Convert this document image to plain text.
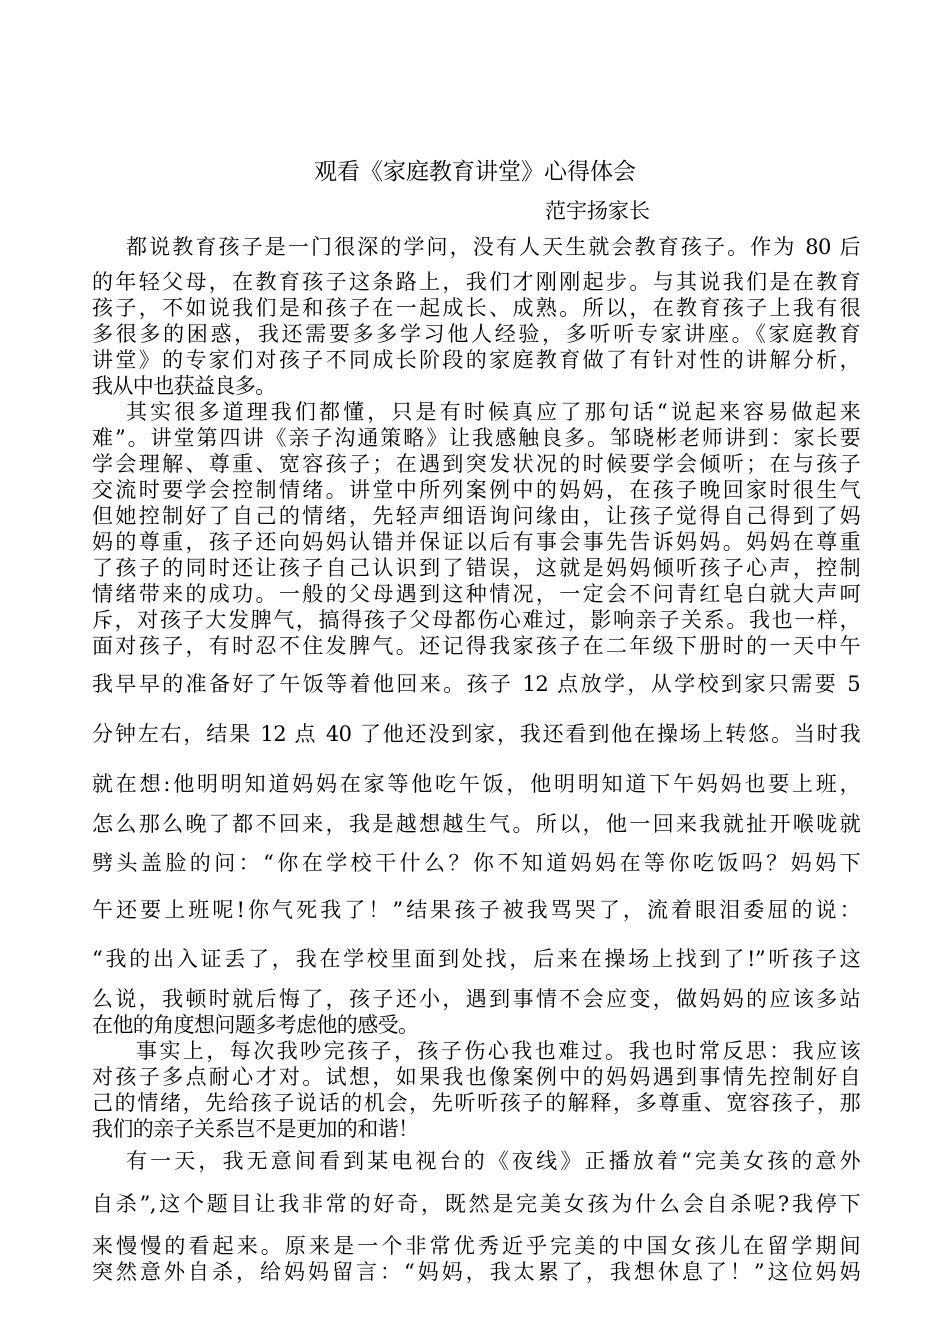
观看《家庭教育讲堂》心得体会
范宇扬家长
都说教育孩子是一门很深的学问，没有人天生就会教育孩子。作为 80 后
的年轻父母，在教育孩子这条路上，我们才刚刚起步。与其说我们是在教育
孩子，不如说我们是和孩子在一起成长、成熟。所以，在教育孩子上我有很
多很多的困惑，我还需要多多学习他人经验，多听听专家讲座。《家庭教育
讲堂》的专家们对孩子不同成长阶段的家庭教育做了有针对性的讲解分析，
我从中也获益良多。
其实很多道理我们都懂，只是有时候真应了那句话“说起来容易做起来
难”。讲堂第四讲《亲子沟通策略》让我感触良多。邹晓彬老师讲到：家长要
学会理解、尊重、宽容孩子；在遇到突发状况的时候要学会倾听；在与孩子
交流时要学会控制情绪。讲堂中所列案例中的妈妈，在孩子晚回家时很生气
但她控制好了自己的情绪，先轻声细语询问缘由，让孩子觉得自己得到了妈
妈的尊重，孩子还向妈妈认错并保证以后有事会事先告诉妈妈。妈妈在尊重
了孩子的同时还让孩子自己认识到了错误，这就是妈妈倾听孩子心声，控制
情绪带来的成功。一般的父母遇到这种情况，一定会不问青红皂白就大声呵
斥，对孩子大发脾气，搞得孩子父母都伤心难过，影响亲子关系。我也一样，
面对孩子，有时忍不住发脾气。还记得我家孩子在二年级下册时的一天中午
我早早的准备好了午饭等着他回来。孩子 12 点放学，从学校到家只需要 5
分钟左右，结果 12 点 40 了他还没到家，我还看到他在操场上转悠。当时我
就在想:他明明知道妈妈在家等他吃午饭，他明明知道下午妈妈也要上班，
怎么那么晚了都不回来，我是越想越生气。所以，他一回来我就扯开喉咙就
劈头盖脸的问：“你在学校干什么？你不知道妈妈在等你吃饭吗？妈妈下
午还要上班呢!你气死我了！”结果孩子被我骂哭了，流着眼泪委屈的说：
“我的出入证丢了，我在学校里面到处找，后来在操场上找到了!”听孩子这
么说，我顿时就后悔了，孩子还小，遇到事情不会应变，做妈妈的应该多站
在他的角度想问题多考虑他的感受。
事实上，每次我吵完孩子，孩子伤心我也难过。我也时常反思：我应该
对孩子多点耐心才对。试想，如果我也像案例中的妈妈遇到事情先控制好自
己的情绪，先给孩子说话的机会，先听听孩子的解释，多尊重、宽容孩子，那
我们的亲子关系岂不是更加的和谐！
有一天，我无意间看到某电视台的《夜线》正播放着“完美女孩的意外
自杀”,这个题目让我非常的好奇，既然是完美女孩为什么会自杀呢?我停下
来慢慢的看起来。原来是一个非常优秀近乎完美的中国女孩儿在留学期间
突然意外自杀，给妈妈留言：“妈妈，我太累了，我想休息了！”这位妈妈
